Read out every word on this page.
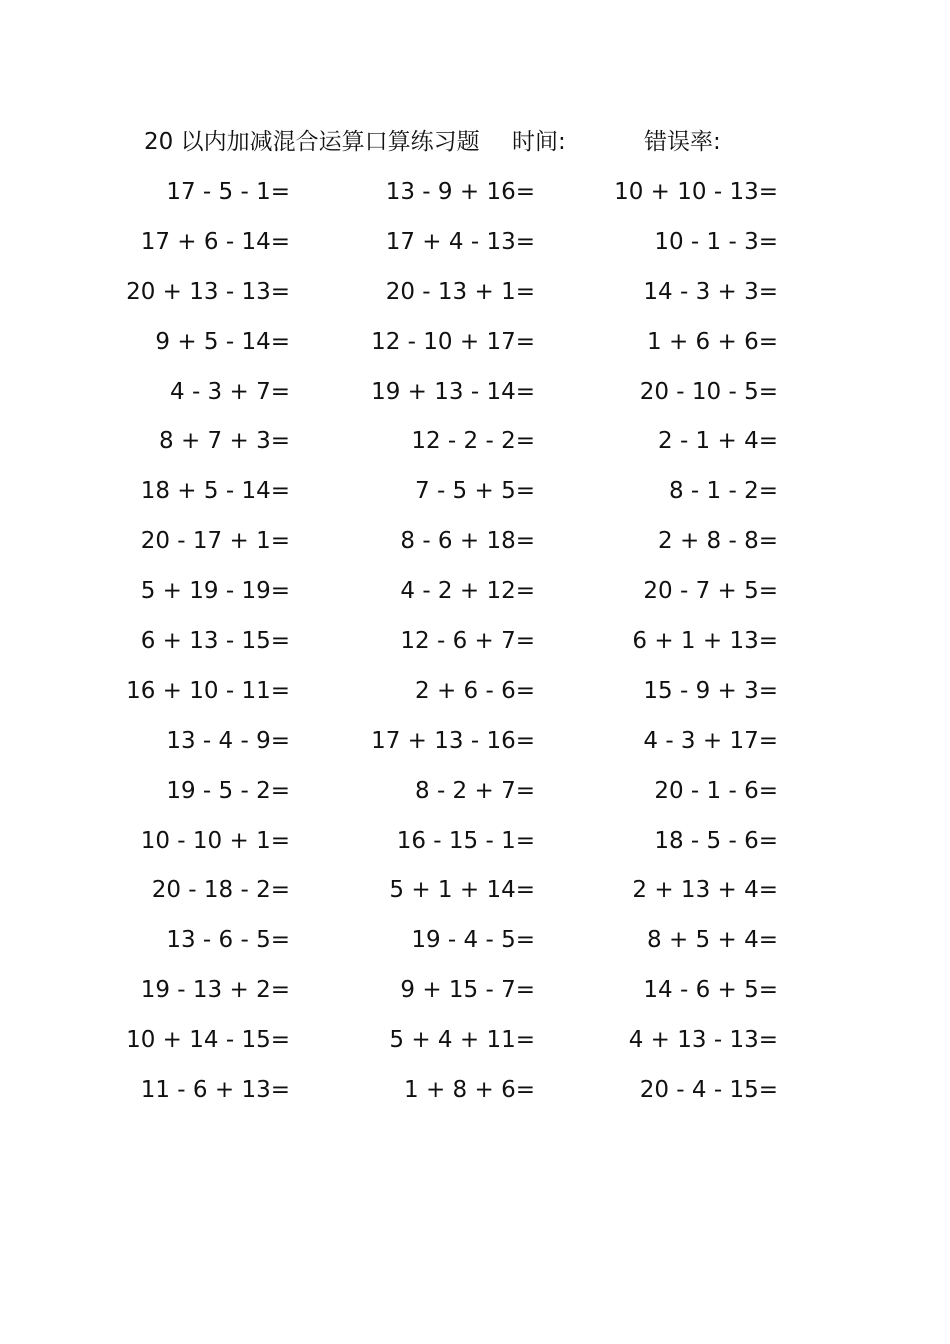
20 以内加减混合运算口算练习题 时间:	错误率:
17 - 5 - 1=	13 - 9 + 16=	10 + 10 - 13=
17 + 6 - 14=	17 + 4 - 13=	10 - 1 - 3=
20 + 13 - 13=	20 - 13 + 1=	14 - 3 + 3=
9 + 5 - 14=	12 - 10 + 17=	1 + 6 + 6=
4 - 3 + 7=	19 + 13 - 14=	20 - 10 - 5=
8 + 7 + 3=	12 - 2 - 2=	2 - 1 + 4=
18 + 5 - 14=	7 - 5 + 5=	8 - 1 - 2=
20 - 17 + 1=	8 - 6 + 18=	2 + 8 - 8=
5 + 19 - 19=	4 - 2 + 12=	20 - 7 + 5=
6 + 13 - 15=	12 - 6 + 7=	6 + 1 + 13=
16 + 10 - 11=	2 + 6 - 6=	15 - 9 + 3=
13 - 4 - 9=	17 + 13 - 16=	4 - 3 + 17=
19 - 5 - 2=	8 - 2 + 7=	20 - 1 - 6=
10 - 10 + 1=	16 - 15 - 1=	18 - 5 - 6=
20 - 18 - 2=	5 + 1 + 14=	2 + 13 + 4=
13 - 6 - 5=	19 - 4 - 5=	8 + 5 + 4=
19 - 13 + 2=	9 + 15 - 7=	14 - 6 + 5=
10 + 14 - 15=	5 + 4 + 11=	4 + 13 - 13=
11 - 6 + 13=	1 + 8 + 6=	20 - 4 - 15=
